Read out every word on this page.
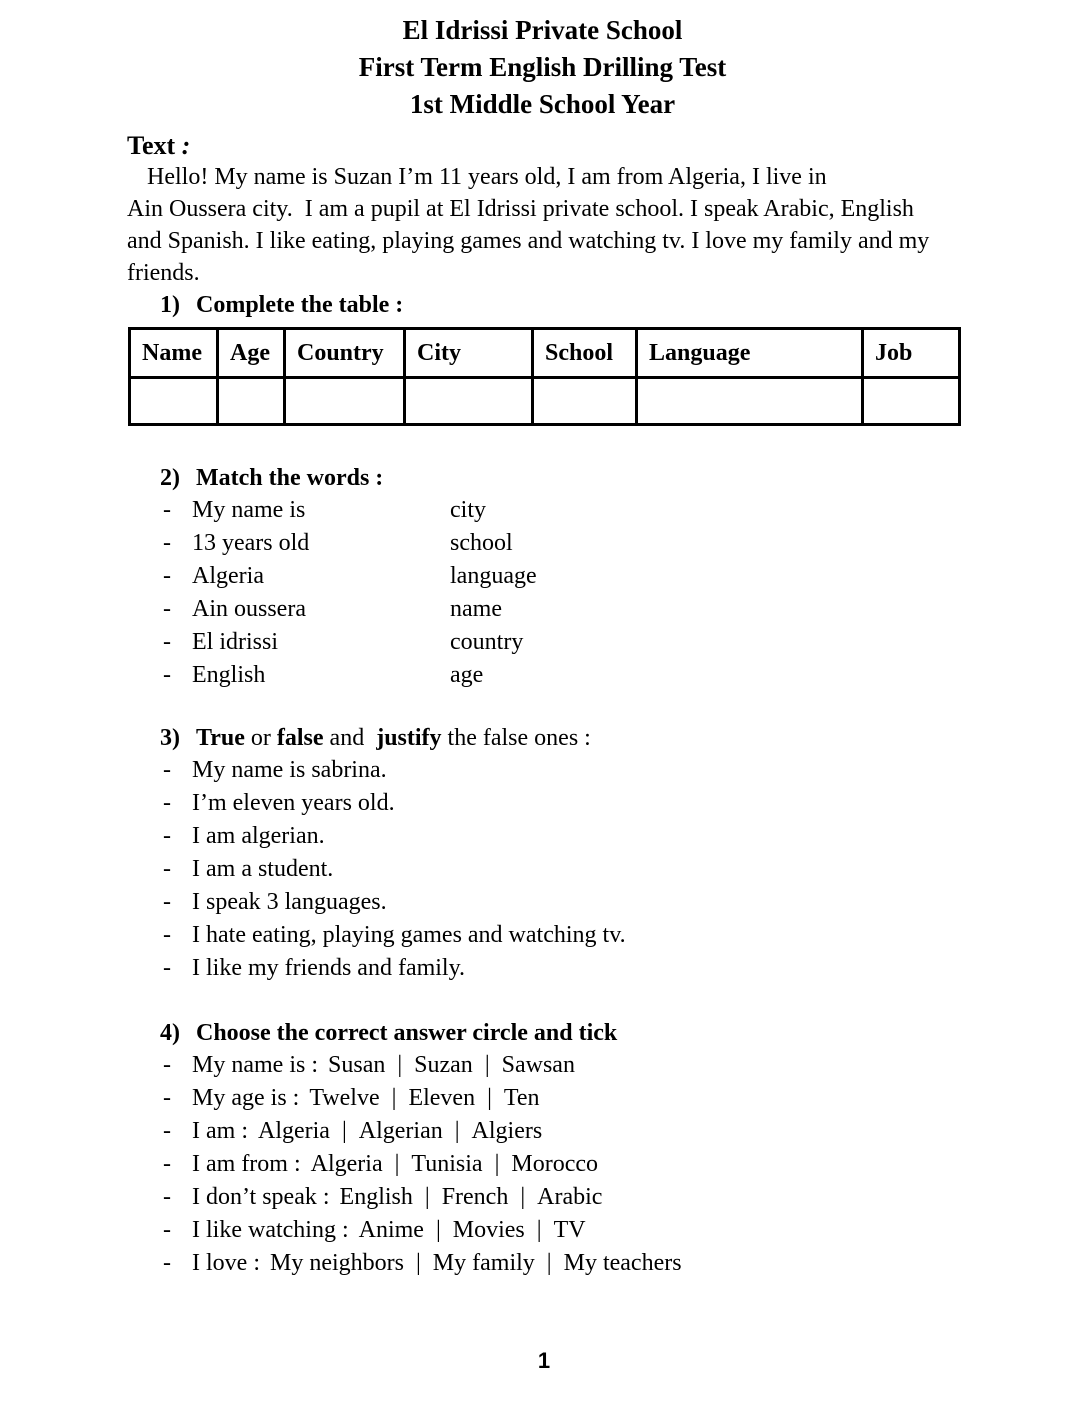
El Idrissi Private School
First Term English Drilling Test
1st Middle School Year
Text :
Hello! My name is Suzan I’m 11 years old, I am from Algeria, I live in
Ain Oussera city.  I am a pupil at El Idrissi private school. I speak Arabic, English
and Spanish. I like eating, playing games and watching tv. I love my family and my
friends.
1) Complete the table :
Name	Age	Country	City	School	Language	Job

2) Match the words :
- My name is	city
- 13 years old	school
- Algeria	language
- Ain oussera	name
- El idrissi	country
- English	age
3) True or false and  justify the false ones :
- My name is sabrina.
- I’m eleven years old.
- I am algerian.
- I am a student.
- I speak 3 languages.
- I hate eating, playing games and watching tv.
- I like my friends and family.
4) Choose the correct answer circle and tick
- My name is : Susan | Suzan | Sawsan
- My age is : Twelve | Eleven | Ten
- I am : Algeria | Algerian | Algiers
- I am from : Algeria | Tunisia | Morocco
- I don’t speak : English | French | Arabic
- I like watching : Anime | Movies | TV
- I love : My neighbors | My family | My teachers
1
